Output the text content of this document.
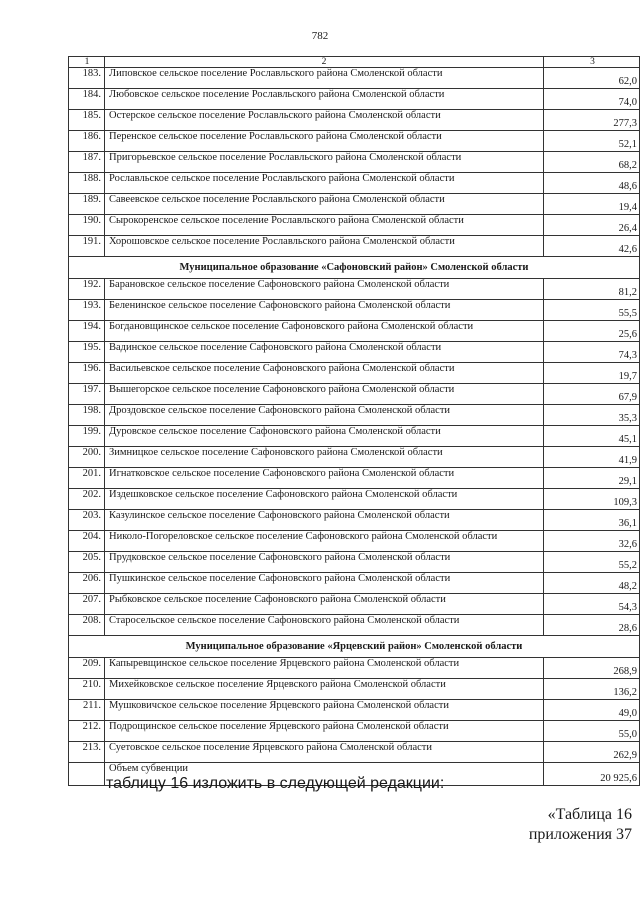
782
1	2	3
183.	Липовское сельское поселение Рославльского района Смоленской области	62,0
184.	Любовское сельское поселение Рославльского района Смоленской области	74,0
185.	Остерское сельское поселение Рославльского района Смоленской области	277,3
186.	Перенское сельское поселение Рославльского района Смоленской области	52,1
187.	Пригорьевское сельское поселение Рославльского района Смоленской области	68,2
188.	Рославльское сельское поселение Рославльского района Смоленской области	48,6
189.	Савеевское сельское поселение Рославльского района Смоленской области	19,4
190.	Сырокоренское сельское поселение Рославльского района Смоленской области	26,4
191.	Хорошовское сельское поселение Рославльского района Смоленской области	42,6
Муниципальное образование «Сафоновский район» Смоленской области		
192.	Барановское сельское поселение Сафоновского района Смоленской области	81,2
193.	Беленинское сельское поселение Сафоновского района Смоленской области	55,5
194.	Богдановщинское сельское поселение Сафоновского района Смоленской области	25,6
195.	Вадинское сельское поселение Сафоновского района Смоленской области	74,3
196.	Васильевское сельское поселение Сафоновского района Смоленской области	19,7
197.	Вышегорское сельское поселение Сафоновского района Смоленской области	67,9
198.	Дроздовское сельское поселение Сафоновского района Смоленской области	35,3
199.	Дуровское сельское поселение Сафоновского района Смоленской области	45,1
200.	Зимницкое сельское поселение Сафоновского района Смоленской области	41,9
201.	Игнатковское сельское поселение Сафоновского района Смоленской области	29,1
202.	Издешковское сельское поселение Сафоновского района Смоленской области	109,3
203.	Казулинское сельское поселение Сафоновского района Смоленской области	36,1
204.	Николо-Погореловское сельское поселение Сафоновского района Смоленской области	32,6
205.	Прудковское сельское поселение Сафоновского района Смоленской области	55,2
206.	Пушкинское сельское поселение Сафоновского района Смоленской области	48,2
207.	Рыбковское сельское поселение Сафоновского района Смоленской области	54,3
208.	Старосельское сельское поселение Сафоновского района Смоленской области	28,6
Муниципальное образование «Ярцевский район» Смоленской области		
209.	Капыревщинское сельское поселение Ярцевского района Смоленской области	268,9
210.	Михейковское сельское поселение Ярцевского района Смоленской области	136,2
211.	Мушковичское сельское поселение Ярцевского района Смоленской области	49,0
212.	Подрощинское сельское поселение Ярцевского района Смоленской области	55,0
213.	Суетовское сельское поселение Ярцевского района Смоленской области	262,9
	Объем субвенции	20 925,6
таблицу 16 изложить в следующей редакции:
«Таблица 16
приложения 37
